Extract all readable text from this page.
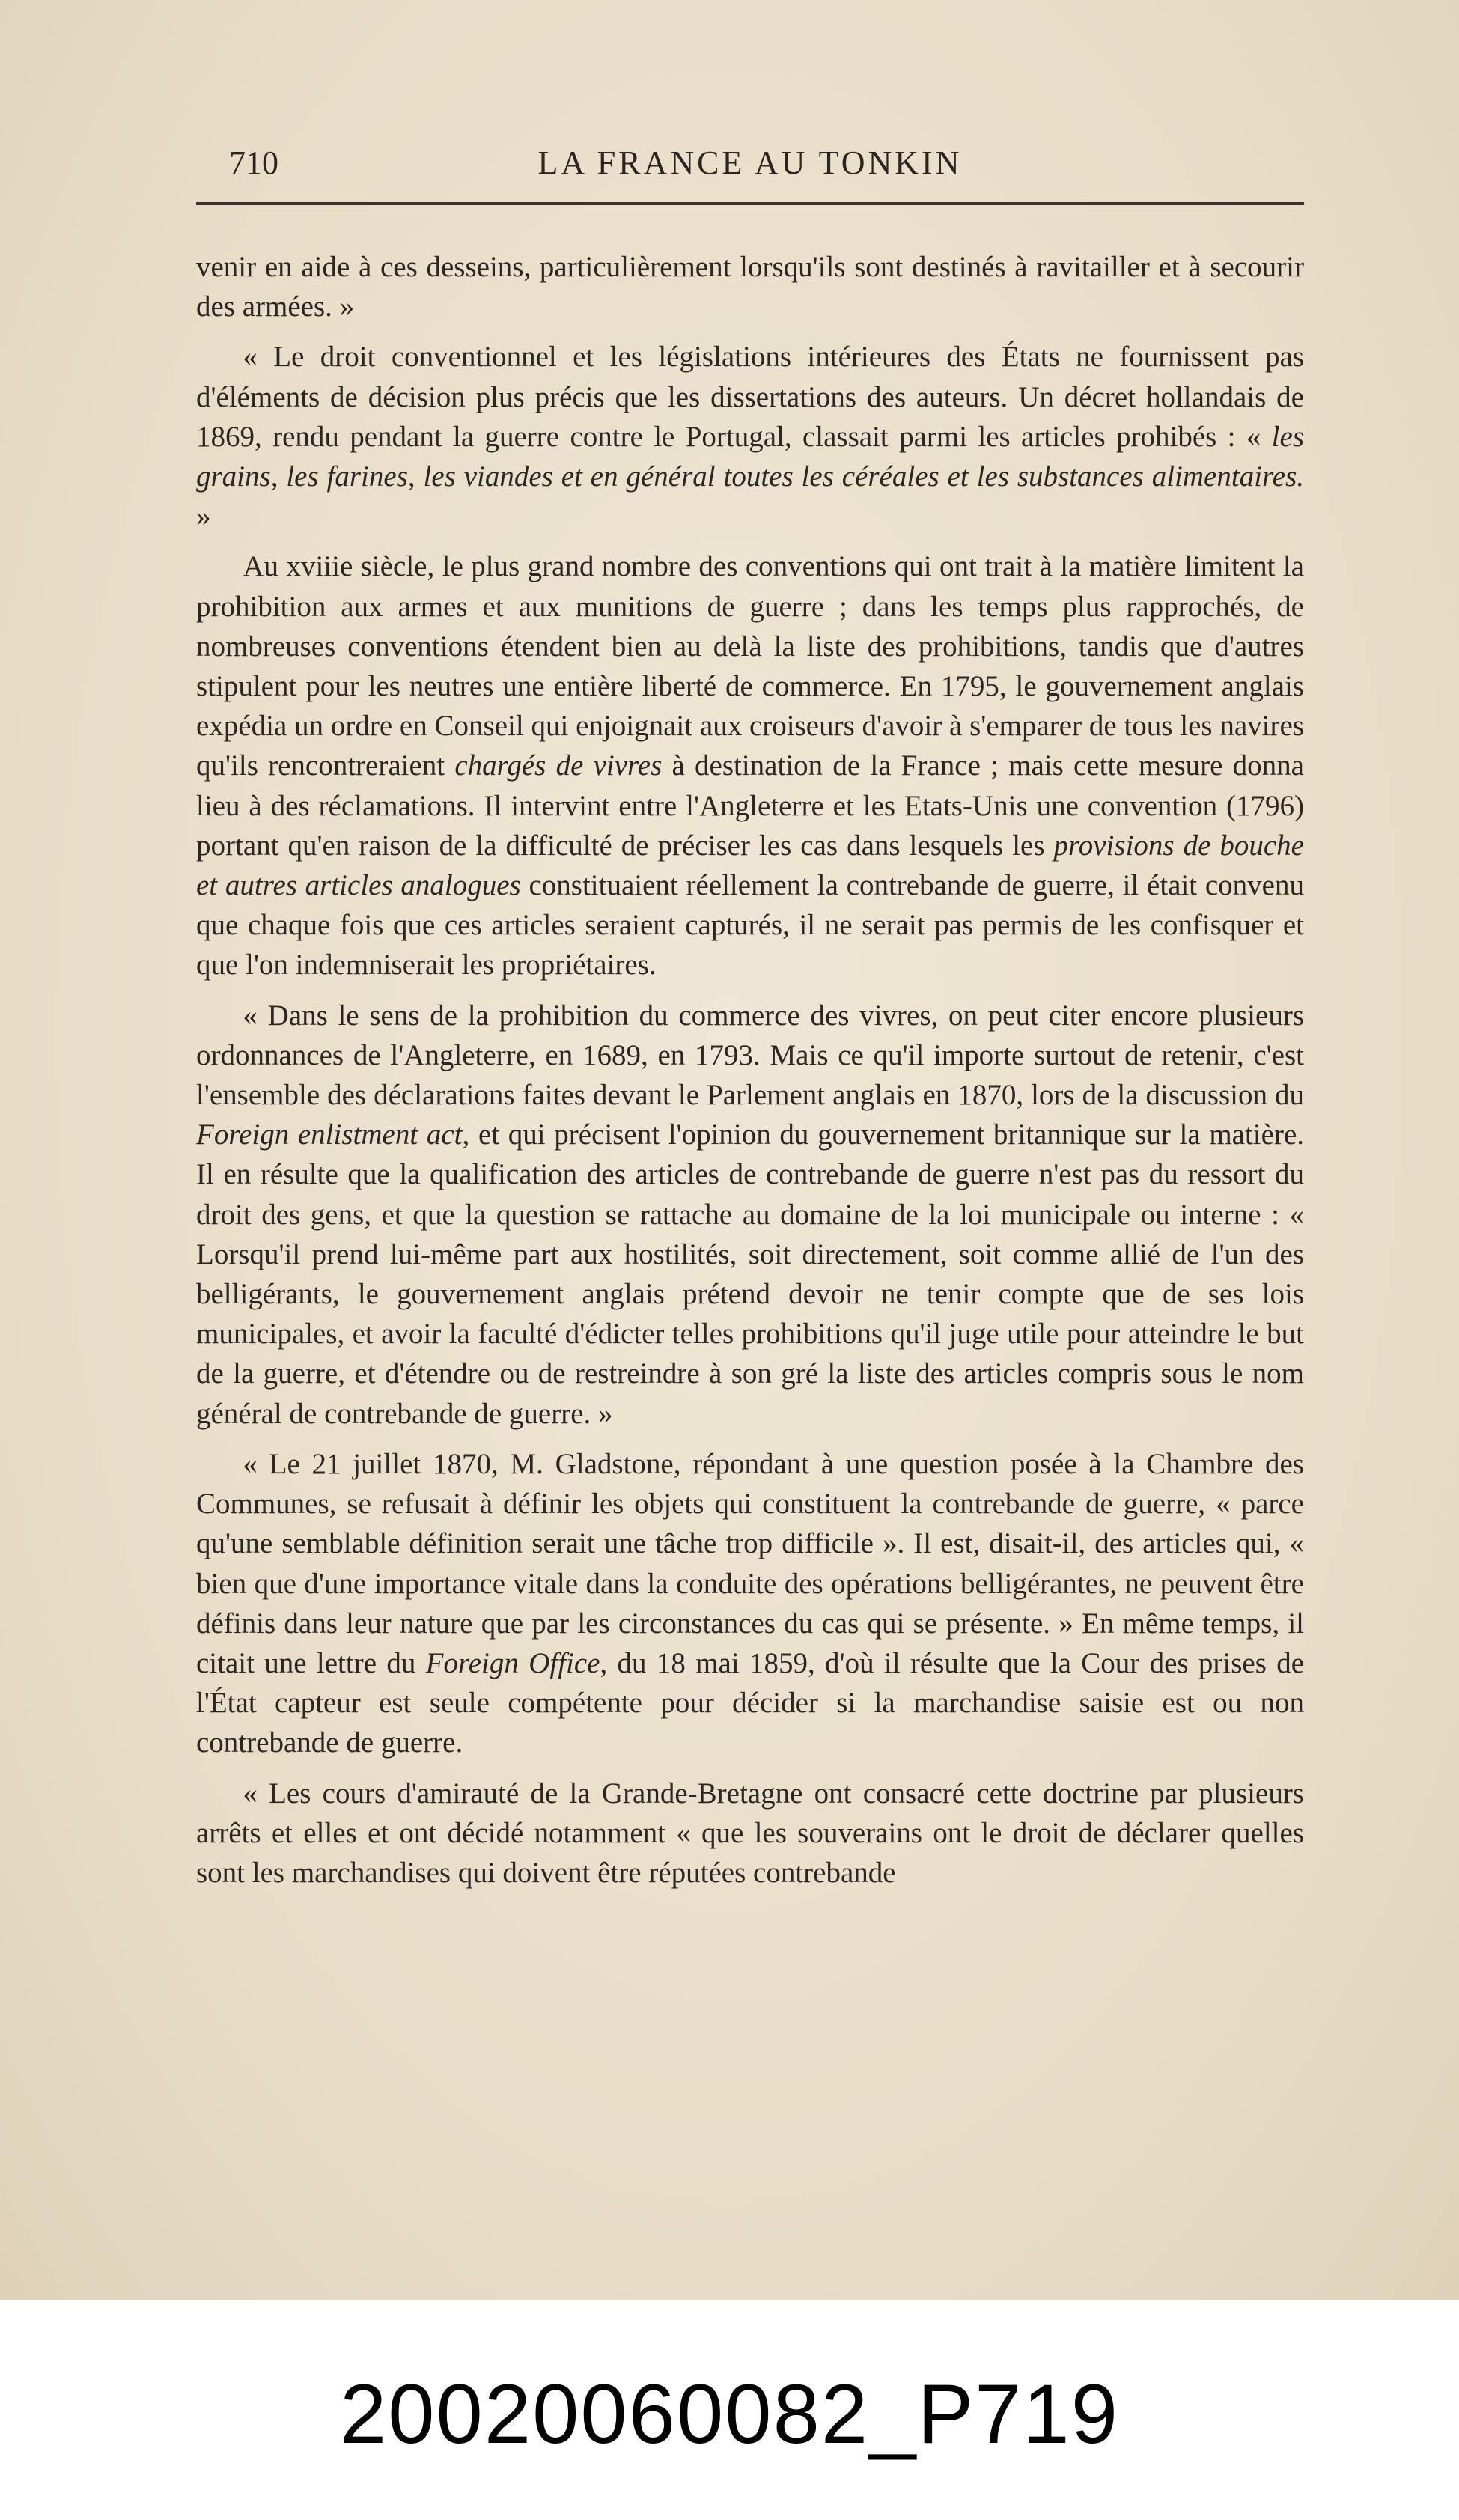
710	LA FRANCE AU TONKIN

venir en aide à ces desseins, particulièrement lorsqu'ils sont destinés à ravitailler et à secourir des armées. »

« Le droit conventionnel et les législations intérieures des États ne fournissent pas d'éléments de décision plus précis que les dissertations des auteurs. Un décret hollandais de 1869, rendu pendant la guerre contre le Portugal, classait parmi les articles prohibés : « les grains, les farines, les viandes et en général toutes les céréales et les substances alimentaires. »

Au xviiie siècle, le plus grand nombre des conventions qui ont trait à la matière limitent la prohibition aux armes et aux munitions de guerre ; dans les temps plus rapprochés, de nombreuses conventions étendent bien au delà la liste des prohibitions, tandis que d'autres stipulent pour les neutres une entière liberté de commerce. En 1795, le gouvernement anglais expédia un ordre en Conseil qui enjoignait aux croiseurs d'avoir à s'emparer de tous les navires qu'ils rencontreraient chargés de vivres à destination de la France ; mais cette mesure donna lieu à des réclamations. Il intervint entre l'Angleterre et les Etats-Unis une convention (1796) portant qu'en raison de la difficulté de préciser les cas dans lesquels les provisions de bouche et autres articles analogues constituaient réellement la contrebande de guerre, il était convenu que chaque fois que ces articles seraient capturés, il ne serait pas permis de les confisquer et que l'on indemniserait les propriétaires.

« Dans le sens de la prohibition du commerce des vivres, on peut citer encore plusieurs ordonnances de l'Angleterre, en 1689, en 1793. Mais ce qu'il importe surtout de retenir, c'est l'ensemble des déclarations faites devant le Parlement anglais en 1870, lors de la discussion du Foreign enlistment act, et qui précisent l'opinion du gouvernement britannique sur la matière. Il en résulte que la qualification des articles de contrebande de guerre n'est pas du ressort du droit des gens, et que la question se rattache au domaine de la loi municipale ou interne : « Lorsqu'il prend lui-même part aux hostilités, soit directement, soit comme allié de l'un des belligérants, le gouvernement anglais prétend devoir ne tenir compte que de ses lois municipales, et avoir la faculté d'édicter telles prohibitions qu'il juge utile pour atteindre le but de la guerre, et d'étendre ou de restreindre à son gré la liste des articles compris sous le nom général de contrebande de guerre. »

« Le 21 juillet 1870, M. Gladstone, répondant à une question posée à la Chambre des Communes, se refusait à définir les objets qui constituent la contrebande de guerre, « parce qu'une semblable définition serait une tâche trop difficile ». Il est, disait-il, des articles qui, « bien que d'une importance vitale dans la conduite des opérations belligérantes, ne peuvent être définis dans leur nature que par les circonstances du cas qui se présente. » En même temps, il citait une lettre du Foreign Office, du 18 mai 1859, d'où il résulte que la Cour des prises de l'État capteur est seule compétente pour décider si la marchandise saisie est ou non contrebande de guerre.

« Les cours d'amirauté de la Grande-Bretagne ont consacré cette doctrine par plusieurs arrêts et elles et ont décidé notamment « que les souverains ont le droit de déclarer quelles sont les marchandises qui doivent être réputées contrebande

20020060082_P719
